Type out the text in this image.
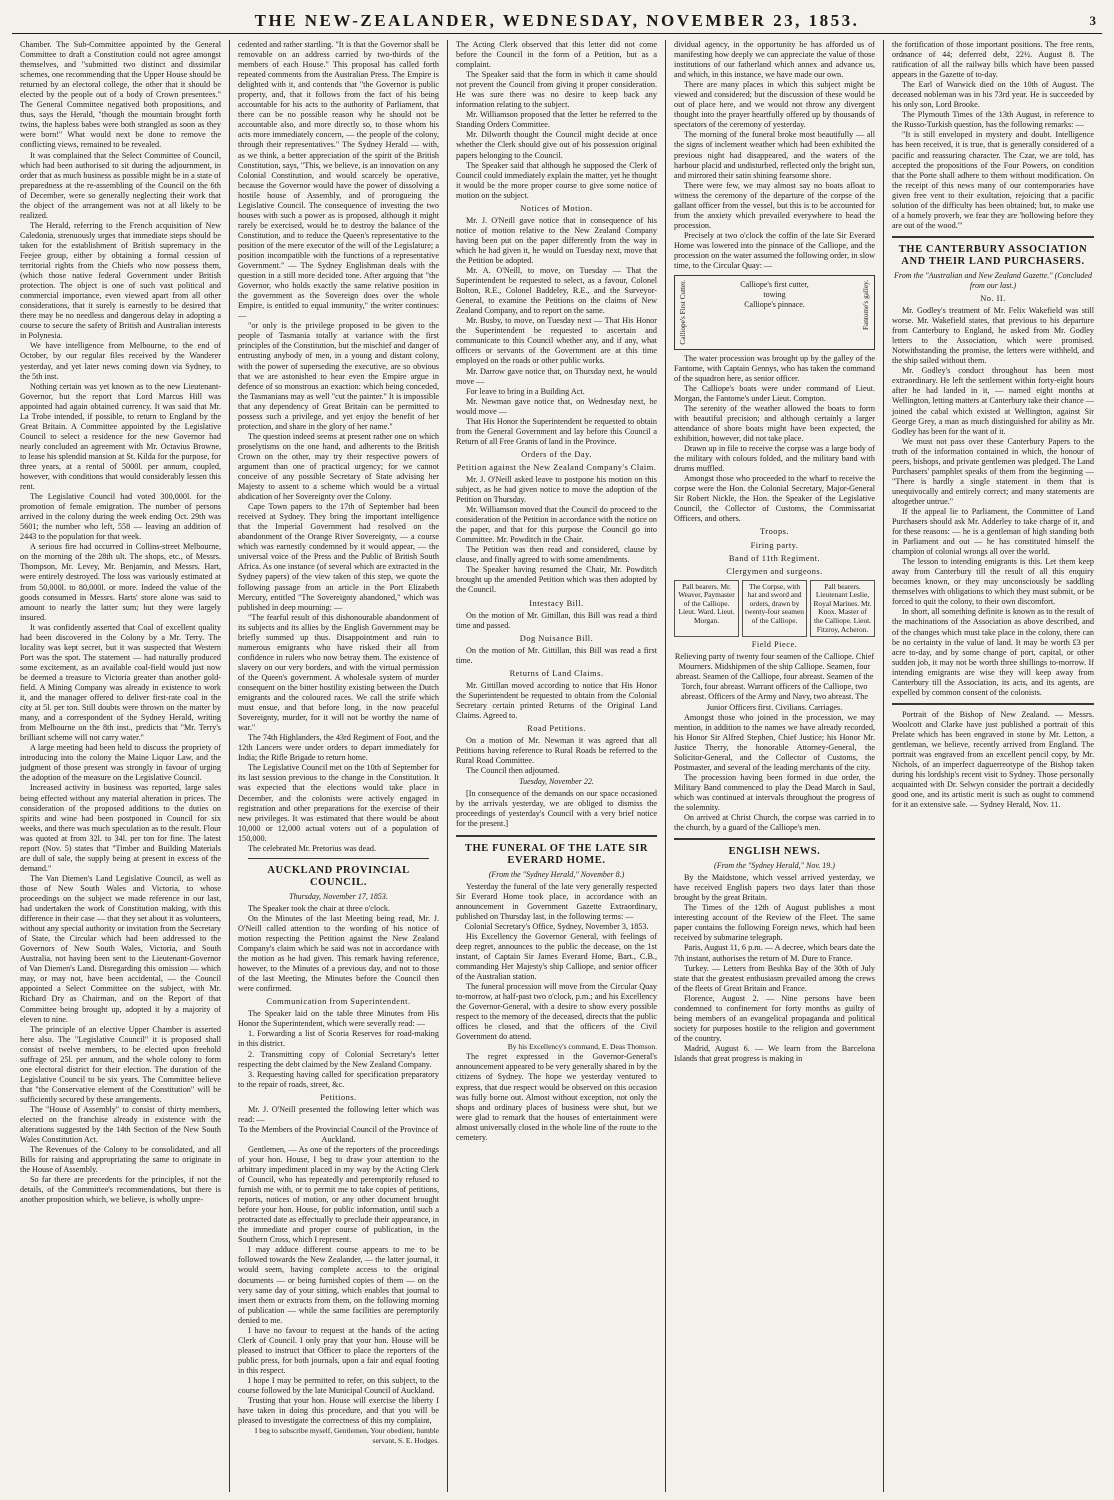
THE NEW-ZEALANDER, WEDNESDAY, NOVEMBER 23, 1853.	3

Chamber. The Sub-Committee appointed by the General Committee to draft a Constitution could not agree amongst themselves, and "submitted two distinct and dissimilar schemes, one recommending that the Upper House should be returned by an electoral college, the other that it should be elected by the people out of a body of Crown presentees." The General Committee negatived both propositions, and thus, says the Herald, "though the mountain brought forth twins, the hapless babes were both strangled as soon as they were born!" What would next be done to remove the conflicting views, remained to be revealed.

It was complained that the Select Committee of Council, which had been authorised to sit during the adjournment, in order that as much business as possible might be in a state of preparedness at the re-assembling of the Council on the 6th of December, were so generally neglecting their work that the object of the arrangement was not at all likely to be realized.

The Herald, referring to the French acquisition of New Caledonia, strenuously urges that immediate steps should be taken for the establishment of British supremacy in the Feejee group, either by obtaining a formal cession of territorial rights from the Chiefs who now possess them, (which those native federal Government under British protection. The object is one of such vast political and commercial importance, even viewed apart from all other considerations, that it surely is earnestly to be desired that there may be no needless and dangerous delay in adopting a course to secure the safety of British and Australian interests in Polynesia.

We have intelligence from Melbourne, to the end of October, by our regular files received by the Wanderer yesterday, and yet later news coming down via Sydney, to the 5th inst.

Nothing certain was yet known as to the new Lieutenant-Governor, but the report that Lord Marcus Hill was appointed had again obtained currency. It was said that Mr. La Trobe intended, if possible, to return to England by the Great Britain. A Committee appointed by the Legislative Council to select a residence for the new Governor had nearly concluded an agreement with Mr. Octavius Browne, to lease his splendid mansion at St. Kilda for the purpose, for three years, at a rental of 5000l. per annum, coupled, however, with conditions that would considerably lessen this rent.

The Legislative Council had voted 300,000l. for the promotion of female emigration. The number of persons arrived in the colony during the week ending Oct. 29th was 5601; the number who left, 558 — leaving an addition of 2443 to the population for that week.

A serious fire had occurred in Collins-street Melbourne, on the morning of the 28th ult. The shops, etc., of Messrs. Thompson, Mr. Levey, Mr. Benjamin, and Messrs. Hart, were entirely destroyed. The loss was variously estimated at from 50,000l. to 80,000l. or more. Indeed the value of the goods consumed in Messrs. Harts' store alone was said to amount to nearly the latter sum; but they were largely insured.

It was confidently asserted that Coal of excellent quality had been discovered in the Colony by a Mr. Terry. The locality was kept secret, but it was suspected that Western Port was the spot. The statement — had naturally produced some excitement, as an available coal-field would just now be deemed a treasure to Victoria greater than another gold-field. A Mining Company was already in existence to work it, and the manager offered to deliver first-rate coal in the city at 5l. per ton. Still doubts were thrown on the matter by many, and a correspondent of the Sydney Herald, writing from Melbourne on the 8th inst., predicts that "Mr. Terry's brilliant scheme will not carry water."

A large meeting had been held to discuss the propriety of introducing into the colony the Maine Liquor Law, and the judgment of those present was strongly in favour of urging the adoption of the measure on the Legislative Council.

Increased activity in business was reported, large sales being effected without any material alteration in prices. The consideration of the proposed additions to the duties on spirits and wine had been postponed in Council for six weeks, and there was much speculation as to the result. Flour was quoted at from 32l. to 34l. per ton for fine. The latest report (Nov. 5) states that "Timber and Building Materials are dull of sale, the supply being at present in excess of the demand."

The Van Diemen's Land Legislative Council, as well as those of New South Wales and Victoria, to whose proceedings on the subject we made reference in our last, had undertaken the work of Constitution making, with this difference in their case — that they set about it as volunteers, without any special authority or invitation from the Secretary of State, the Circular which had been addressed to the Governors of New South Wales, Victoria, and South Australia, not having been sent to the Lieutenant-Governor of Van Diemen's Land. Disregarding this omission — which may, or may not, have been accidental, — the Council appointed a Select Committee on the subject, with Mr. Richard Dry as Chairman, and on the Report of that Committee being brought up, adopted it by a majority of eleven to nine.

The principle of an elective Upper Chamber is asserted here also. The "Legislative Council" it is proposed shall consist of twelve members, to be elected upon freehold suffrage of 25l. per annum, and the whole colony to form one electoral district for their election. The duration of the Legislative Council to be six years. The Committee believe that "the Conservative element of the Constitution" will be sufficiently secured by these arrangements.

The "House of Assembly" to consist of thirty members, elected on the franchise already in existence with the alterations suggested by the 14th Section of the New South Wales Constitution Act.

The Revenues of the Colony to be consolidated, and all Bills for raising and appropriating the same to originate in the House of Assembly.

So far there are precedents for the principles, if not the details, of the Committee's recommendations, but there is another proposition which, we believe, is wholly unpre-

cedented and rather startling. "It is that the Governor shall be removable on an address carried by two-thirds of the members of each House." This proposal has called forth repeated comments from the Australian Press. The Empire is delighted with it, and contends that "the Governor is public property, and, that it follows from the fact of his being accountable for his acts to the authority of Parliament, that there can be no possible reason why he should not be accountable also, and more directly so, to those whom his acts more immediately concern, — the people of the colony, through their representatives." The Sydney Herald — with, as we think, a better appreciation of the spirit of the British Constitution, says, "This, we believe, is an innovation on any Colonial Constitution, and would scarcely be operative, because the Governor would have the power of dissolving a hostile house of Assembly, and of prorogueing the Legislative Council. The consequence of investing the two houses with such a power as is proposed, although it might rarely be exercised, would be to destroy the balance of the Constitution, and to reduce the Queen's representative to the position of the mere executor of the will of the Legislature; a position incompatible with the functions of a representative Government." — The Sydney Englishman deals with the question in a still more decided tone. After arguing that "the Governor, who holds exactly the same relative position in the government as the Sovereign does over the whole Empire, is entitled to equal immunity," the writer continues: —

"or only is the privilege proposed to be given to the people of Tasmania totally at variance with the first principles of the Constitution, but the mischief and danger of entrusting anybody of men, in a young and distant colony, with the power of superseding the executive, are so obvious that we are astonished to hear even the Empire argue in defence of so monstrous an exaction: which being conceded, the Tasmanians may as well "cut the painter." It is impossible that any dependency of Great Britain can be permitted to possess such a privilege, and yet enjoy the benefit of her protection, and share in the glory of her name."

The question indeed seems at present rather one on which proselytisms on the one hand, and adherents to the British Crown on the other, may try their respective powers of argument than one of practical urgency; for we cannot conceive of any possible Secretary of State advising her Majesty to assent to a scheme which would be a virtual abdication of her Sovereignty over the Colony.

Cape Town papers to the 17th of September had been received at Sydney. They bring the important intelligence that the Imperial Government had resolved on the abandonment of the Orange River Sovereignty, — a course which was earnestly condemned by it would appear, — the universal voice of the Press and the Public of British South Africa. As one instance (of several which are extracted in the Sydney papers) of the view taken of this step, we quote the following passage from an article in the Port Elizabeth Mercury, entitled "The Sovereignty abandoned," which was published in deep mourning: —

"The fearful result of this dishonourable abandonment of its subjects and its allies by the English Government may be briefly summed up thus. Disappointment and ruin to numerous emigrants who have risked their all from confidence in rulers who now betray them. The existence of slavery on our very borders, and with the virtual permission of the Queen's government. A wholesale system of murder consequent on the bitter hostility existing between the Dutch emigrants and the coloured races. We call the strife which must ensue, and that before long, in the now peaceful Sovereignty, murder, for it will not be worthy the name of war."

The 74th Highlanders, the 43rd Regiment of Foot, and the 12th Lancers were under orders to depart immediately for India; the Rifle Brigade to return home.

The Legislative Council met on the 10th of September for its last session previous to the change in the Constitution. It was expected that the elections would take place in December, and the colonists were actively engaged in registration and other preparations for the exercise of their new privileges. It was estimated that there would be about 10,000 or 12,000 actual voters out of a population of 150,000.

The celebrated Mr. Pretorius was dead.

AUCKLAND PROVINCIAL COUNCIL.
Thursday, November 17, 1853.

The Speaker took the chair at three o'clock.

On the Minutes of the last Meeting being read, Mr. J. O'Neill called attention to the wording of his notice of motion respecting the Petition against the New Zealand Company's claim which he said was not in accordance with the motion as he had given. This remark having reference, however, to the Minutes of a previous day, and not to those of the last Meeting, the Minutes before the Council then were confirmed.

Communication from Superintendent.

The Speaker laid on the table three Minutes from His Honor the Superintendent, which were severally read: —

1. Forwarding a list of Scoria Reserves for road-making in this district.

2. Transmitting copy of Colonial Secretary's letter respecting the debt claimed by the New Zealand Company.

3. Requesting having called for specification preparatory to the repair of roads, street, &c.

Petitions.

Mr. J. O'Neill presented the following letter which was read: —

To the Members of the Provincial Council of the Province of Auckland.

Gentlemen, — As one of the reporters of the proceedings of your hon. House, I beg to draw your attention to the arbitrary impediment placed in my way by the Acting Clerk of Council, who has repeatedly and peremptorily refused to furnish me with, or to permit me to take copies of petitions, reports, notices of motion, or any other document brought before your hon. House, for public information, until such a protracted date as effectually to preclude their appearance, in the immediate and proper course of publication, in the Southern Cross, which I represent.

I may adduce different course appears to me to be followed towards the New Zealander, — the latter journal, it would seem, having complete access to the original documents — or being furnished copies of them — on the very same day of your sitting, which enables that journal to insert them or extracts from them, on the following morning of publication — while the same facilities are peremptorily denied to me.

I have no favour to request at the hands of the acting Clerk of Council. I only pray that your hon. House will be pleased to instruct that Officer to place the reporters of the public press, for both journals, upon a fair and equal footing in this respect.

I hope I may be permitted to refer, on this subject, to the course followed by the late Municipal Council of Auckland.

Trusting that your hon. House will exercise the liberty I have taken in doing this procedure, and that you will be pleased to investigate the correctness of this my complaint,

I beg to subscribe myself, Gentlemen, Your obedient, humble servant, S. E. Hodges.

The Acting Clerk observed that this letter did not come before the Council in the form of a Petition, but as a complaint.

The Speaker said that the form in which it came should not prevent the Council from giving it proper consideration. He was sure there was no desire to keep back any information relating to the subject.

Mr. Williamson proposed that the letter be referred to the Standing Orders Committee.

Mr. Dilworth thought the Council might decide at once whether the Clerk should give out of his possession original papers belonging to the Council.

The Speaker said that although he supposed the Clerk of Council could immediately explain the matter, yet he thought it would be the more proper course to give some notice of motion on the subject.

Notices of Motion.

Mr. J. O'Neill gave notice that in consequence of his notice of motion relative to the New Zealand Company having been put on the paper differently from the way in which he had given it, he would on Tuesday next, move that the Petition be adopted.

Mr. A. O'Neill, to move, on Tuesday — That the Superintendent be requested to select, as a favour, Colonel Bolton, R.E., Colonel Baddeley, R.E., and the Surveyor-General, to examine the Petitions on the claims of New Zealand Company, and to report on the same.

Mr. Busby, to move, on Tuesday next — That His Honor the Superintendent be requested to ascertain and communicate to this Council whether any, and if any, what officers or servants of the Government are at this time employed on the roads or other public works.

Mr. Darrow gave notice that, on Thursday next, he would move —

For leave to bring in a Building Act.

Mr. Newman gave notice that, on Wednesday next, he would move —

That His Honor the Superintendent be requested to obtain from the General Government and lay before this Council a Return of all Free Grants of land in the Province.

Orders of the Day.
Petition against the New Zealand Company's Claim.

Mr. J. O'Neill asked leave to postpone his motion on this subject, as he had given notice to move the adoption of the Petition on Thursday.

Mr. Williamson moved that the Council do proceed to the consideration of the Petition in accordance with the notice on the paper, and that for this purpose the Council go into Committee. Mr. Powditch in the Chair.

The Petition was then read and considered, clause by clause, and finally agreed to with some amendments.

The Speaker having resumed the Chair, Mr. Powditch brought up the amended Petition which was then adopted by the Council.

Intestacy Bill.

On the motion of Mr. Gittillan, this Bill was read a third time and passed.

Dog Nuisance Bill.

On the motion of Mr. Gittillan, this Bill was read a first time.

Returns of Land Claims.

Mr. Gittillan moved according to notice that His Honor the Superintendent be requested to obtain from the Colonial Secretary certain printed Returns of the Original Land Claims. Agreed to.

Road Petitions.

On a motion of Mr. Newman it was agreed that all Petitions having reference to Rural Roads be referred to the Rural Road Committee.

The Council then adjourned.

Tuesday, November 22.

[In consequence of the demands on our space occasioned by the arrivals yesterday, we are obliged to dismiss the proceedings of yesterday's Council with a very brief notice for the present.]

THE FUNERAL OF THE LATE SIR EVERARD HOME.
(From the "Sydney Herald," November 8.)

Yesterday the funeral of the late very generally respected Sir Everard Home took place, in accordance with an announcement in Government Gazette Extraordinary, published on Thursday last, in the following terms: —

Colonial Secretary's Office, Sydney, November 3, 1853.

His Excellency the Governor General, with feelings of deep regret, announces to the public the decease, on the 1st instant, of Captain Sir James Everard Home, Bart., C.B., commanding Her Majesty's ship Calliope, and senior officer of the Australian station.

The funeral procession will move from the Circular Quay to-morrow, at half-past two o'clock, p.m.; and his Excellency the Governor-General, with a desire to show every possible respect to the memory of the deceased, directs that the public offices be closed, and that the officers of the Civil Government do attend.

By his Excellency's command, E. Deas Thomson.

The regret expressed in the Governor-General's announcement appeared to be very generally shared in by the citizens of Sydney. The hope we yesterday ventured to express, that due respect would be observed on this occasion was fully borne out. Almost without exception, not only the shops and ordinary places of business were shut, but we were glad to remark that the houses of entertainment were almost universally closed in the whole line of the route to the cemetery.

dividual agency, in the opportunity he has afforded us of manifesting how deeply we can appreciate the value of those institutions of our fatherland which annex and advance us, and which, in this instance, we have made our own.

There are many places in which this subject might be viewed and considered; but the discussion of these would be out of place here, and we would not throw any divergent thought into the prayer heartfully offered up by thousands of spectators of the ceremony of yesterday.

The morning of the funeral broke most beautifully — all the signs of inclement weather which had been exhibited the previous night had disappeared, and the waters of the harbour placid and undisturbed, reflected only the bright sun, and mirrored their satin shining fearsome shore.

There were few, we may almost say no boats afloat to witness the ceremony of the departure of the corpse of the gallant officer from the vessel, but this is to be accounted for from the anxiety which prevailed everywhere to head the procession.

Precisely at two o'clock the coffin of the late Sir Everard Home was lowered into the pinnace of the Calliope, and the procession on the water assumed the following order, in slow time, to the Circular Quay: —

Calliope's First Cutter.	Calliope's first cutter,
towing
Calliope's pinnace.	Fantome's galley.

The water procession was brought up by the galley of the Fantome, with Captain Gennys, who has taken the command of the squadron here, as senior officer.

The Calliope's boats were under command of Lieut. Morgan, the Fantome's under Lieut. Compton.

The serenity of the weather allowed the boats to form with beautiful precision; and although certainly a larger attendance of shore boats might have been expected, the exhibition, however, did not take place.

Drawn up in file to receive the corpse was a large body of the military with colours folded, and the military band with drums muffled.

Amongst those who proceeded to the wharf to receive the corpse were the Hon. the Colonial Secretary, Major-General Sir Robert Nickle, the Hon. the Speaker of the Legislative Council, the Collector of Customs, the Commissariat Officers, and others.

Troops.
Firing party.
Band of 11th Regiment.
Clergymen and surgeons.
Pall bearers. Mr. Weaver, Paymaster of the Calliope. Lieut. Ward. Lieut. Morgan.
The Corpse, with hat and sword and orders, drawn by twenty-four seamen of the Calliope.
Pall bearers. Lieutenant Leslie, Royal Marines. Mr. Knox. Master of the Calliope. Lieut. Fitzroy, Acheron.
Field Piece.

Relieving party of twenty four seamen of the Calliope. Chief Mourners. Midshipmen of the ship Calliope. Seamen, four abreast. Seamen of the Calliope, four abreast. Seamen of the Torch, four abreast. Warrant officers of the Calliope, two abreast. Officers of the Army and Navy, two abreast. The Junior Officers first. Civilians. Carriages.

Amongst those who joined in the procession, we may mention, in addition to the names we have already recorded, his Honor Sir Alfred Stephen, Chief Justice; his Honor Mr. Justice Therry, the honorable Attorney-General, the Solicitor-General, and the Collector of Customs, the Postmaster, and several of the leading merchants of the city.

The procession having been formed in due order, the Military Band commenced to play the Dead March in Saul, which was continued at intervals throughout the progress of the solemnity.

On arrived at Christ Church, the corpse was carried in to the church, by a guard of the Calliope's men.

ENGLISH NEWS.
(From the "Sydney Herald," Nov. 19.)

By the Maidstone, which vessel arrived yesterday, we have received English papers two days later than those brought by the great Britain.

The Times of the 12th of August publishes a most interesting account of the Review of the Fleet. The same paper contains the following Foreign news, which had been received by submarine telegraph.

Paris, August 11, 6 p.m. — A decree, which bears date the 7th instant, authorises the return of M. Dure to France.

Turkey. — Letters from Beshka Bay of the 30th of July state that the greatest enthusiasm prevailed among the crews of the fleets of Great Britain and France.

Florence, August 2. — Nine persons have been condemned to confinement for forty months as guilty of being members of an evangelical propaganda and political society for purposes hostile to the religion and government of the country.

Madrid, August 6. — We learn from the Barcelona Islands that great progress is making in

the fortification of those important positions. The free rents, ordnance of 44; deferred debt, 22½. August 8. The ratification of all the railway bills which have been passed appears in the Gazette of to-day.

The Earl of Warwick died on the 10th of August. The deceased nobleman was in his 73rd year. He is succeeded by his only son, Lord Brooke.

The Plymouth Times of the 13th August, in reference to the Russo-Turkish question, has the following remarks: —

"It is still enveloped in mystery and doubt. Intelligence has been received, it is true, that is generally considered of a pacific and reassuring character. The Czar, we are told, has accepted the propositions of the Four Powers, on condition that the Porte shall adhere to them without modification. On the receipt of this news many of our contemporaries have given free vent to their exultation, rejoicing that a pacific solution of the difficulty has been obtained; but, to make use of a homely proverb, we fear they are 'hollowing before they are out of the wood.'"

THE CANTERBURY ASSOCIATION AND THEIR LAND PURCHASERS.
From the "Australian and New Zealand Gazette." (Concluded from our last.)
No. II.

Mr. Godley's treatment of Mr. Felix Wakefield was still worse. Mr. Wakefield states, that previous to his departure from Canterbury to England, he asked from Mr. Godley letters to the Association, which were promised. Notwithstanding the promise, the letters were withheld, and the ship sailed without them.

Mr. Godley's conduct throughout has been most extraordinary. He left the settlement within forty-eight hours after he had landed in it, — named eight months at Wellington, letting matters at Canterbury take their chance — joined the cabal which existed at Wellington, against Sir George Grey, a man as much distinguished for ability as Mr. Godley has been for the want of it.

We must not pass over these Canterbury Papers to the truth of the information contained in which, the honour of peers, bishops, and private gentlemen was pledged. The Land Purchasers' pamphlet speaks of them from the beginning — "There is hardly a single statement in them that is unequivocally and entirely correct; and many statements are altogether untrue."

If the appeal lie to Parliament, the Committee of Land Purchasers should ask Mr. Adderley to take charge of it, and for these reasons: — he is a gentleman of high standing both in Parliament and out — he has constituted himself the champion of colonial wrongs all over the world.

The lesson to intending emigrants is this. Let them keep away from Canterbury till the result of all this enquiry becomes known, or they may unconsciously be saddling themselves with obligations to which they must submit, or be forced to quit the colony, to their own discomfort.

In short, all something definite is known as to the result of the machinations of the Association as above described, and of the changes which must take place in the colony, there can be no certainty in the value of land. It may be worth £3 per acre to-day, and by some change of port, capital, or other sudden job, it may not be worth three shillings to-morrow. If intending emigrants are wise they will keep away from Canterbury till the Association, its acts, and its agents, are expelled by common consent of the colonists.

Portrait of the Bishop of New Zealand. — Messrs. Woolcott and Clarke have just published a portrait of this Prelate which has been engraved in stone by Mr. Letton, a gentleman, we believe, recently arrived from England. The portrait was engraved from an excellent pencil copy, by Mr. Nichols, of an imperfect daguerreotype of the Bishop taken during his lordship's recent visit to Sydney. Those personally acquainted with Dr. Selwyn consider the portrait a decidedly good one, and its artistic merit is such as ought to commend for it an extensive sale. — Sydney Herald, Nov. 11.
